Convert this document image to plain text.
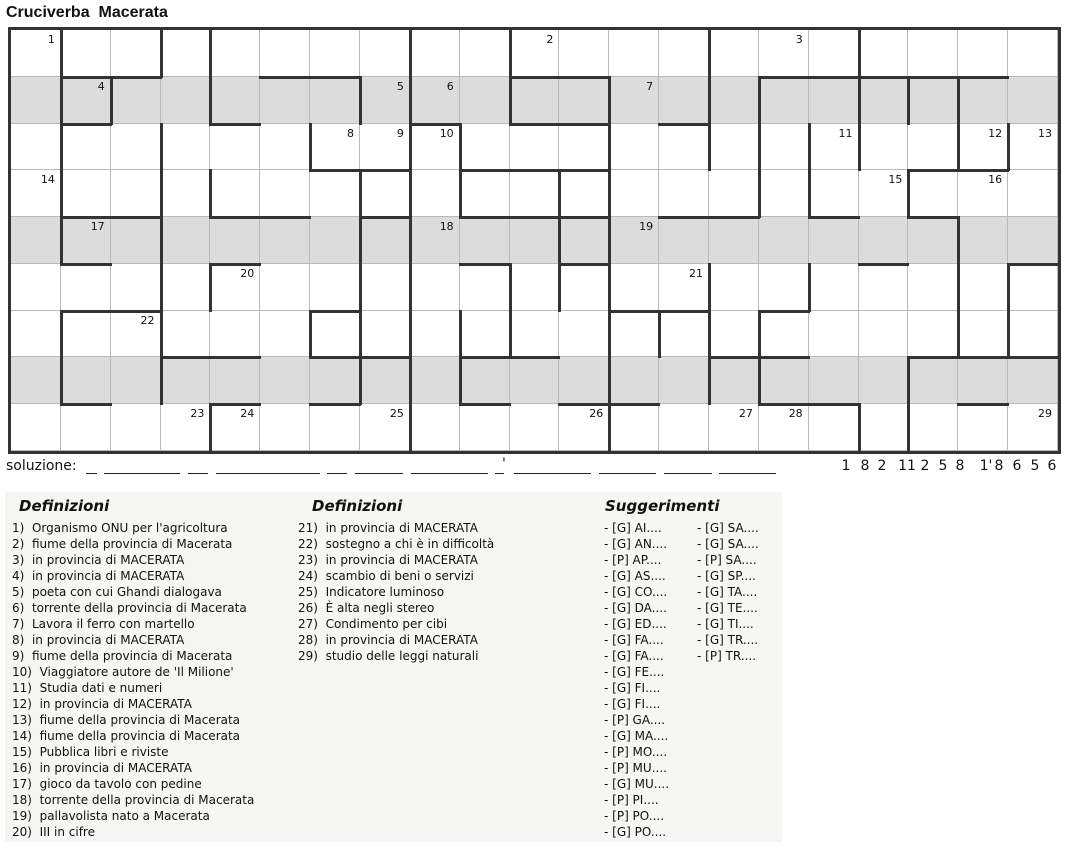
Cruciverba  Macerata
1	2	3
4	5	6	7
8	9	10	11	12	13
14	15	16
17	18	19
20	21
22
23	24	25	26	27	28	29
soluzione:	'	1 8 2 11 2 5 8	1' 8 6 5 6
Definizioni	Definizioni	Suggerimenti
1)  Organismo ONU per l'agricoltura
2)  fiume della provincia di Macerata
3)  in provincia di MACERATA
4)  in provincia di MACERATA
5)  poeta con cui Ghandi dialogava
6)  torrente della provincia di Macerata
7)  Lavora il ferro con martello
8)  in provincia di MACERATA
9)  fiume della provincia di Macerata
10)  Viaggiatore autore de 'Il Milione'
11)  Studia dati e numeri
12)  in provincia di MACERATA
13)  fiume della provincia di Macerata
14)  fiume della provincia di Macerata
15)  Pubblica libri e riviste
16)  in provincia di MACERATA
17)  gioco da tavolo con pedine
18)  torrente della provincia di Macerata
19)  pallavolista nato a Macerata
20)  III in cifre
21)  in provincia di MACERATA
22)  sostegno a chi è in difficoltà
23)  in provincia di MACERATA
24)  scambio di beni o servizi
25)  Indicatore luminoso
26)  È alta negli stereo
27)  Condimento per cibi
28)  in provincia di MACERATA
29)  studio delle leggi naturali
- [G] AI....
- [G] AN....
- [P] AP....
- [G] AS....
- [G] CO....
- [G] DA....
- [G] ED....
- [G] FA....
- [G] FA....
- [G] FE....
- [G] FI....
- [G] FI....
- [P] GA....
- [G] MA....
- [P] MO....
- [P] MU....
- [G] MU....
- [P] PI....
- [P] PO....
- [G] PO....
- [G] SA....
- [G] SA....
- [P] SA....
- [G] SP....
- [G] TA....
- [G] TE....
- [G] TI....
- [G] TR....
- [P] TR....
